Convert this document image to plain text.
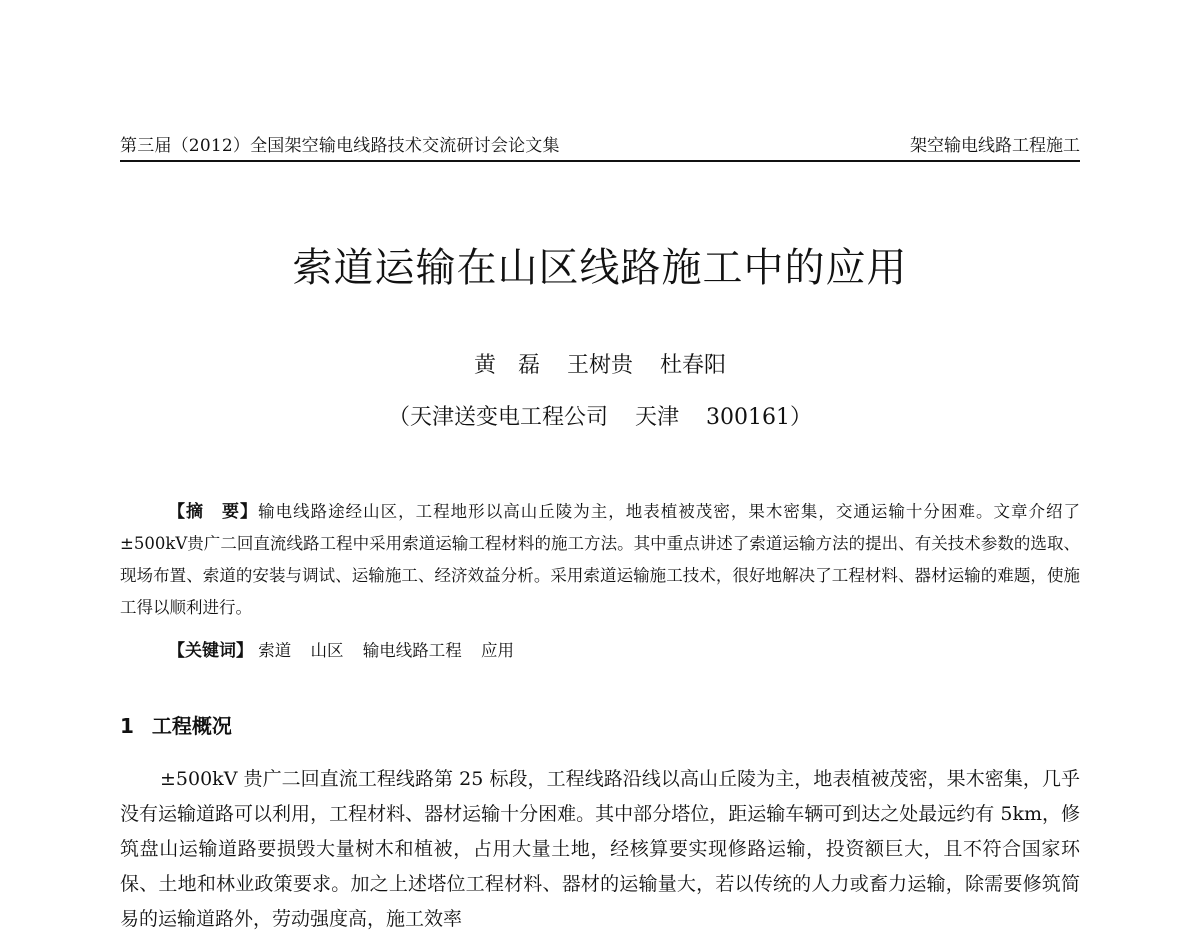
第三届（2012）全国架空输电线路技术交流研讨会论文集	架空输电线路工程施工
索道运输在山区线路施工中的应用
黄　磊 王树贵 杜春阳
（天津送变电工程公司 天津 300161）

【摘　要】输电线路途经山区，工程地形以高山丘陵为主，地表植被茂密，果木密集，交通运输十分困难。文章介绍了±500kV贵广二回直流线路工程中采用索道运输工程材料的施工方法。其中重点讲述了索道运输方法的提出、有关技术参数的选取、现场布置、索道的安装与调试、运输施工、经济效益分析。采用索道运输施工技术，很好地解决了工程材料、器材运输的难题，使施工得以顺利进行。

【关键词】 索道 山区 输电线路工程 应用
1 工程概况

±500kV 贵广二回直流工程线路第 25 标段，工程线路沿线以高山丘陵为主，地表植被茂密，果木密集，几乎没有运输道路可以利用，工程材料、器材运输十分困难。其中部分塔位，距运输车辆可到达之处最远约有 5km，修筑盘山运输道路要损毁大量树木和植被，占用大量土地，经核算要实现修路运输，投资额巨大，且不符合国家环保、土地和林业政策要求。加之上述塔位工程材料、器材的运输量大，若以传统的人力或畜力运输，除需要修筑简易的运输道路外，劳动强度高，施工效率
